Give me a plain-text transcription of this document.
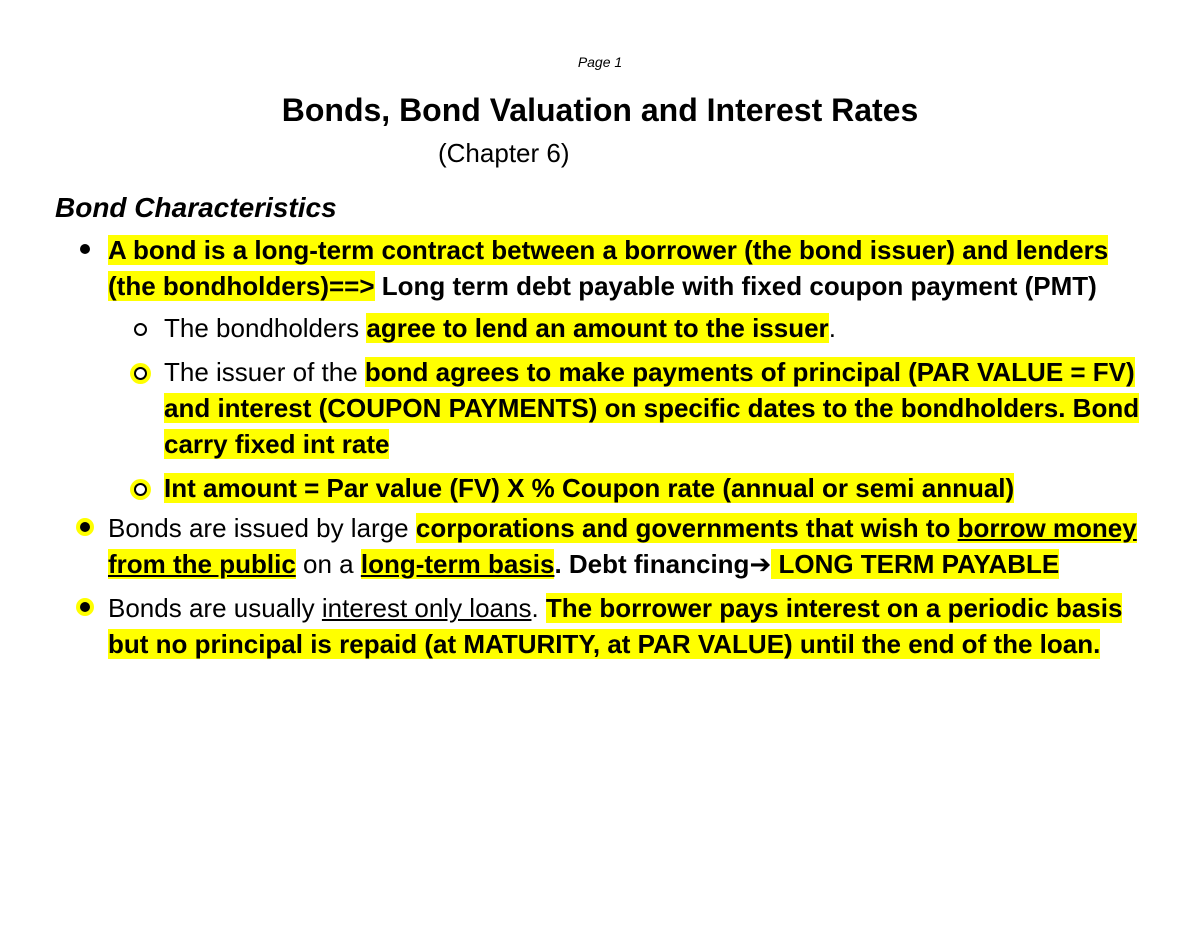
Page 1
Bonds, Bond Valuation and Interest Rates
(Chapter 6)
Bond Characteristics

A bond is a long-term contract between a borrower (the bond issuer) and lenders (the bondholders)==> Long term debt payable with fixed coupon payment (PMT)

The bondholders agree to lend an amount to the issuer.

The issuer of the bond agrees to make payments of principal (PAR VALUE = FV) and interest (COUPON PAYMENTS) on specific dates to the bondholders. Bond carry fixed int rate

Int amount = Par value (FV) X % Coupon rate (annual or semi annual)

Bonds are issued by large corporations and governments that wish to borrow money from the public on a long-term basis. Debt financing➔ LONG TERM PAYABLE

Bonds are usually interest only loans. The borrower pays interest on a periodic basis but no principal is repaid (at MATURITY, at PAR VALUE) until the end of the loan.
